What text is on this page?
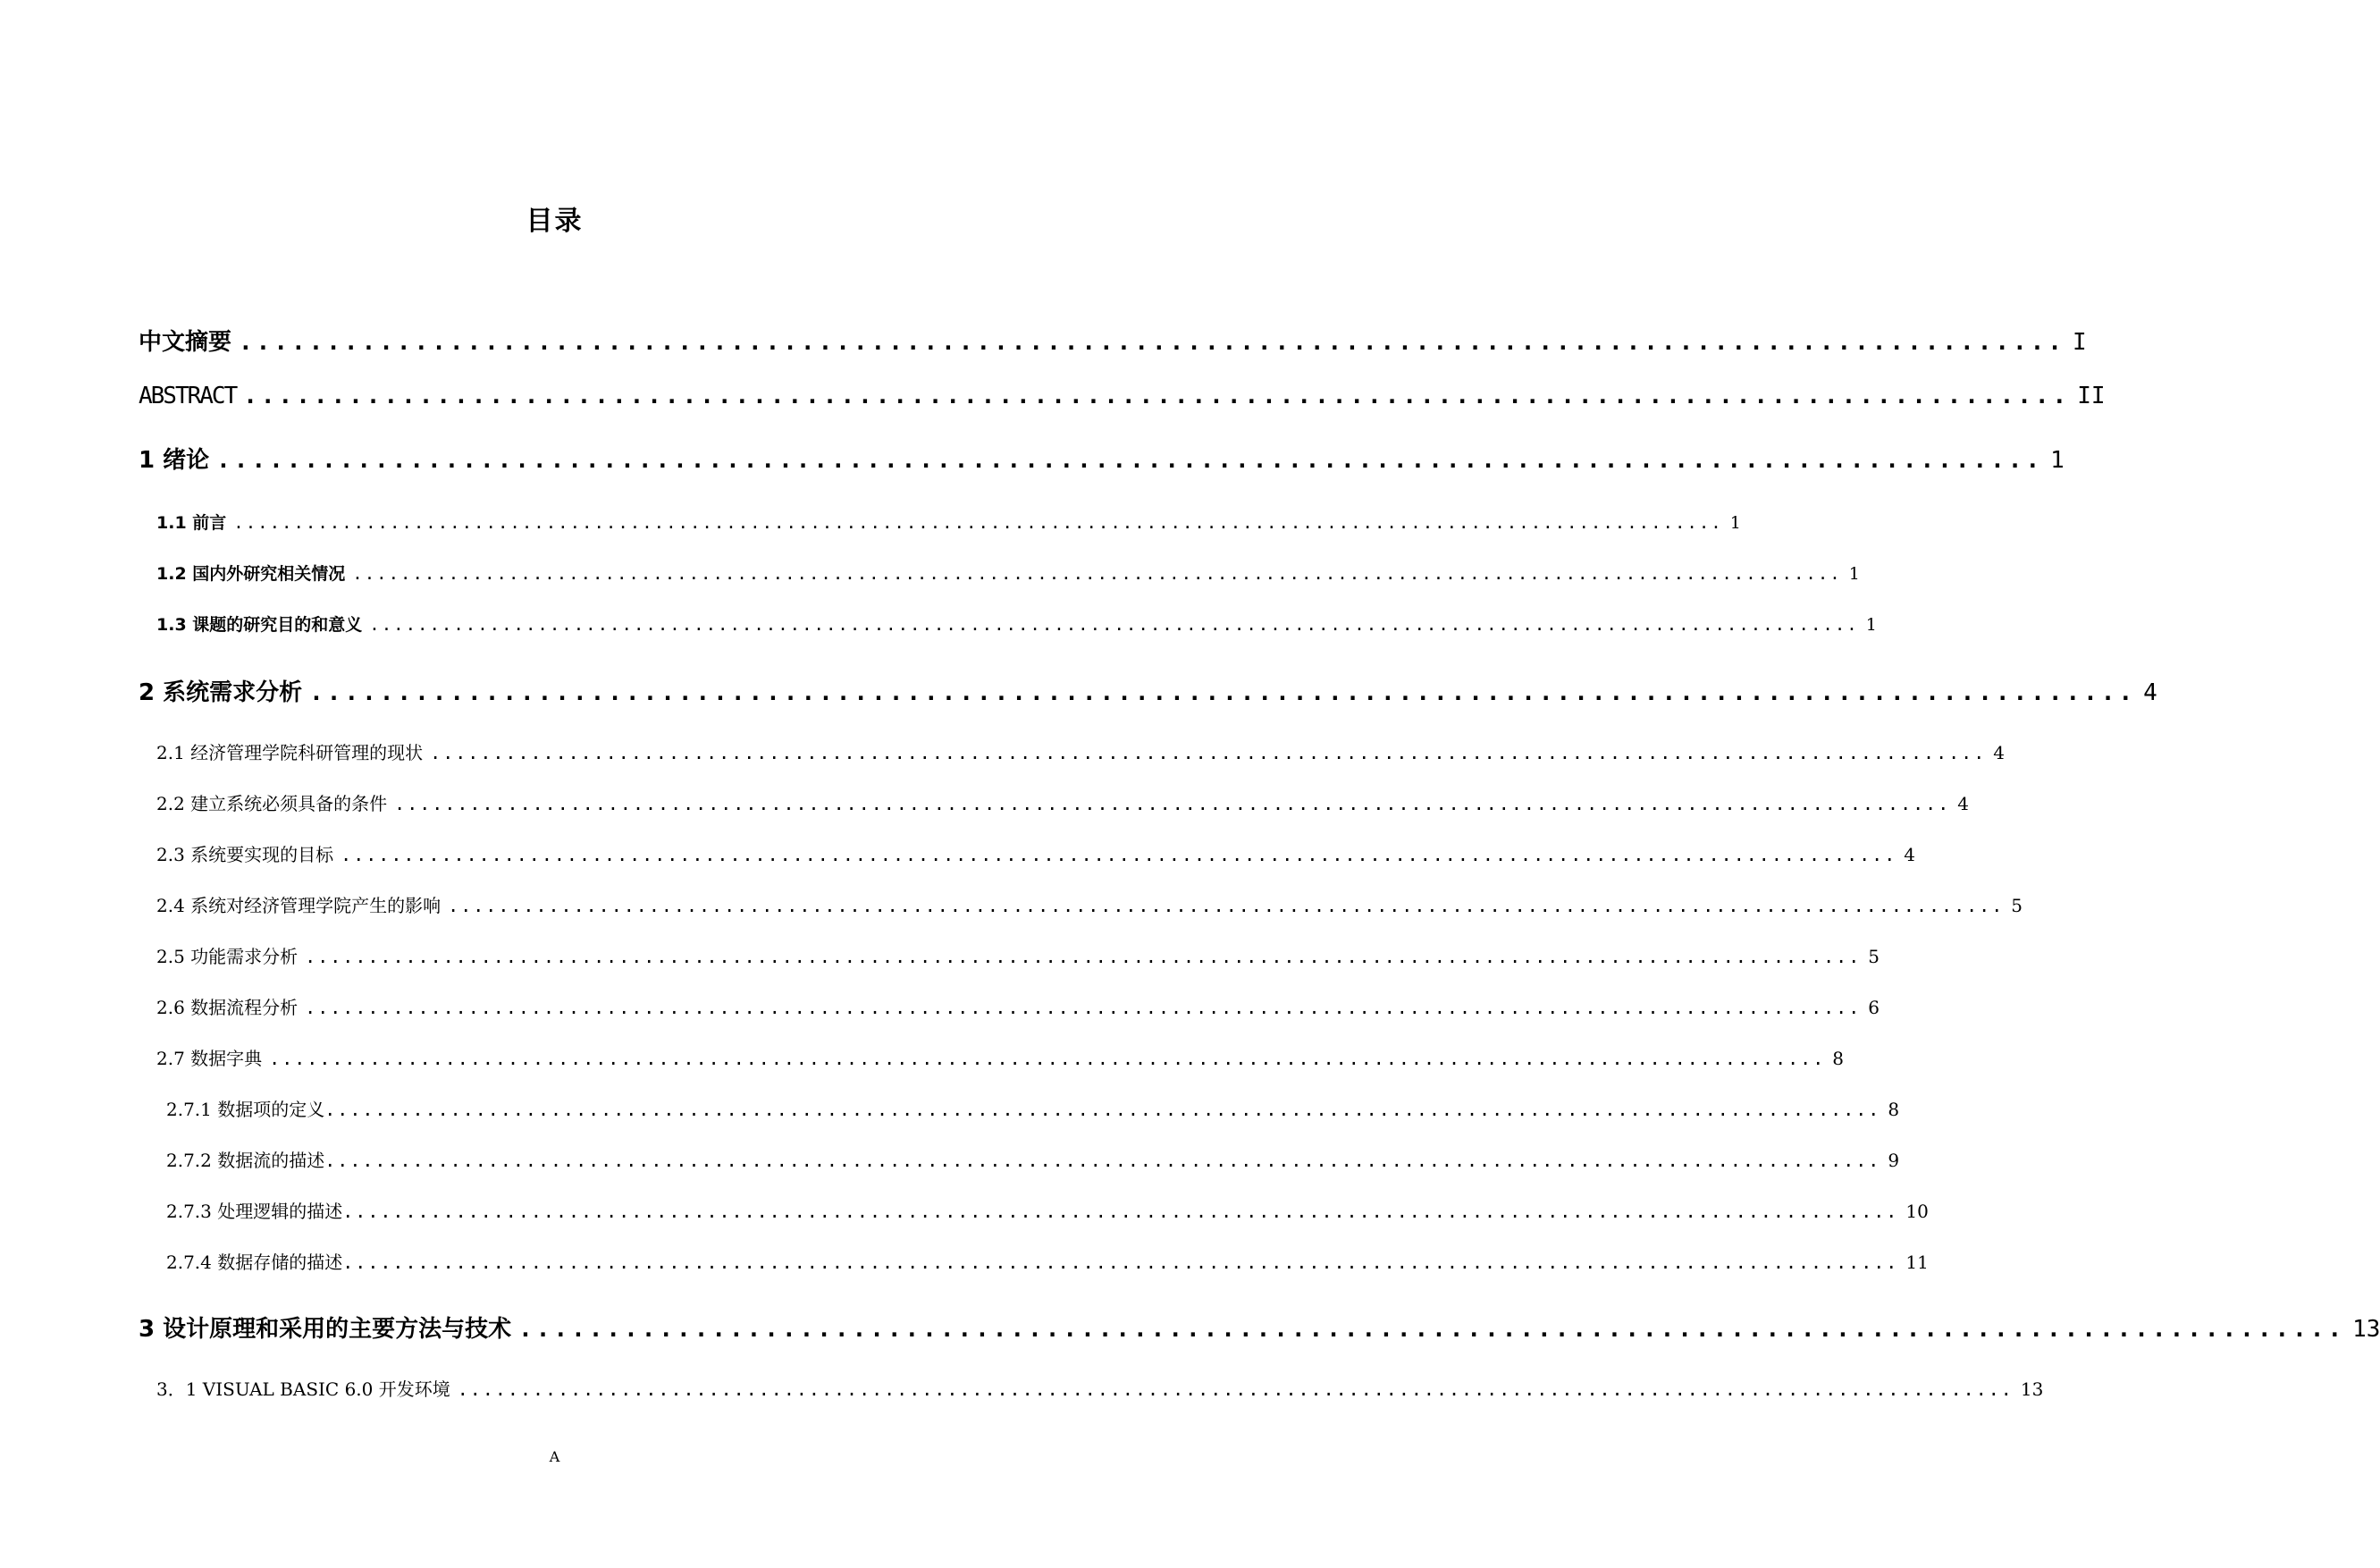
目录
中文摘要 ........................................................................................................ I
ABSTRACT ........................................................................................................ II
1 绪论 ........................................................................................................ 1
1.1 前言 ............................................................................................................................ 1
1.2 国内外研究相关情况 ............................................................................................................................ 1
1.3 课题的研究目的和意义 ............................................................................................................................ 1
2 系统需求分析 ........................................................................................................ 4
2.1 经济管理学院科研管理的现状 ............................................................................................................................ 4
2.2 建立系统必须具备的条件 ............................................................................................................................ 4
2.3 系统要实现的目标 ............................................................................................................................ 4
2.4 系统对经济管理学院产生的影响 ............................................................................................................................ 5
2.5 功能需求分析 ............................................................................................................................ 5
2.6 数据流程分析 ............................................................................................................................ 6
2.7 数据字典 ............................................................................................................................ 8
2.7.1 数据项的定义 ............................................................................................................................ 8
2.7.2 数据流的描述 ............................................................................................................................ 9
2.7.3 处理逻辑的描述 ............................................................................................................................ 10
2.7.4 数据存储的描述 ............................................................................................................................ 11
3 设计原理和采用的主要方法与技术 ........................................................................................................ 13
3．1 VISUAL BASIC 6.0 开发环境 ............................................................................................................................ 13
A
